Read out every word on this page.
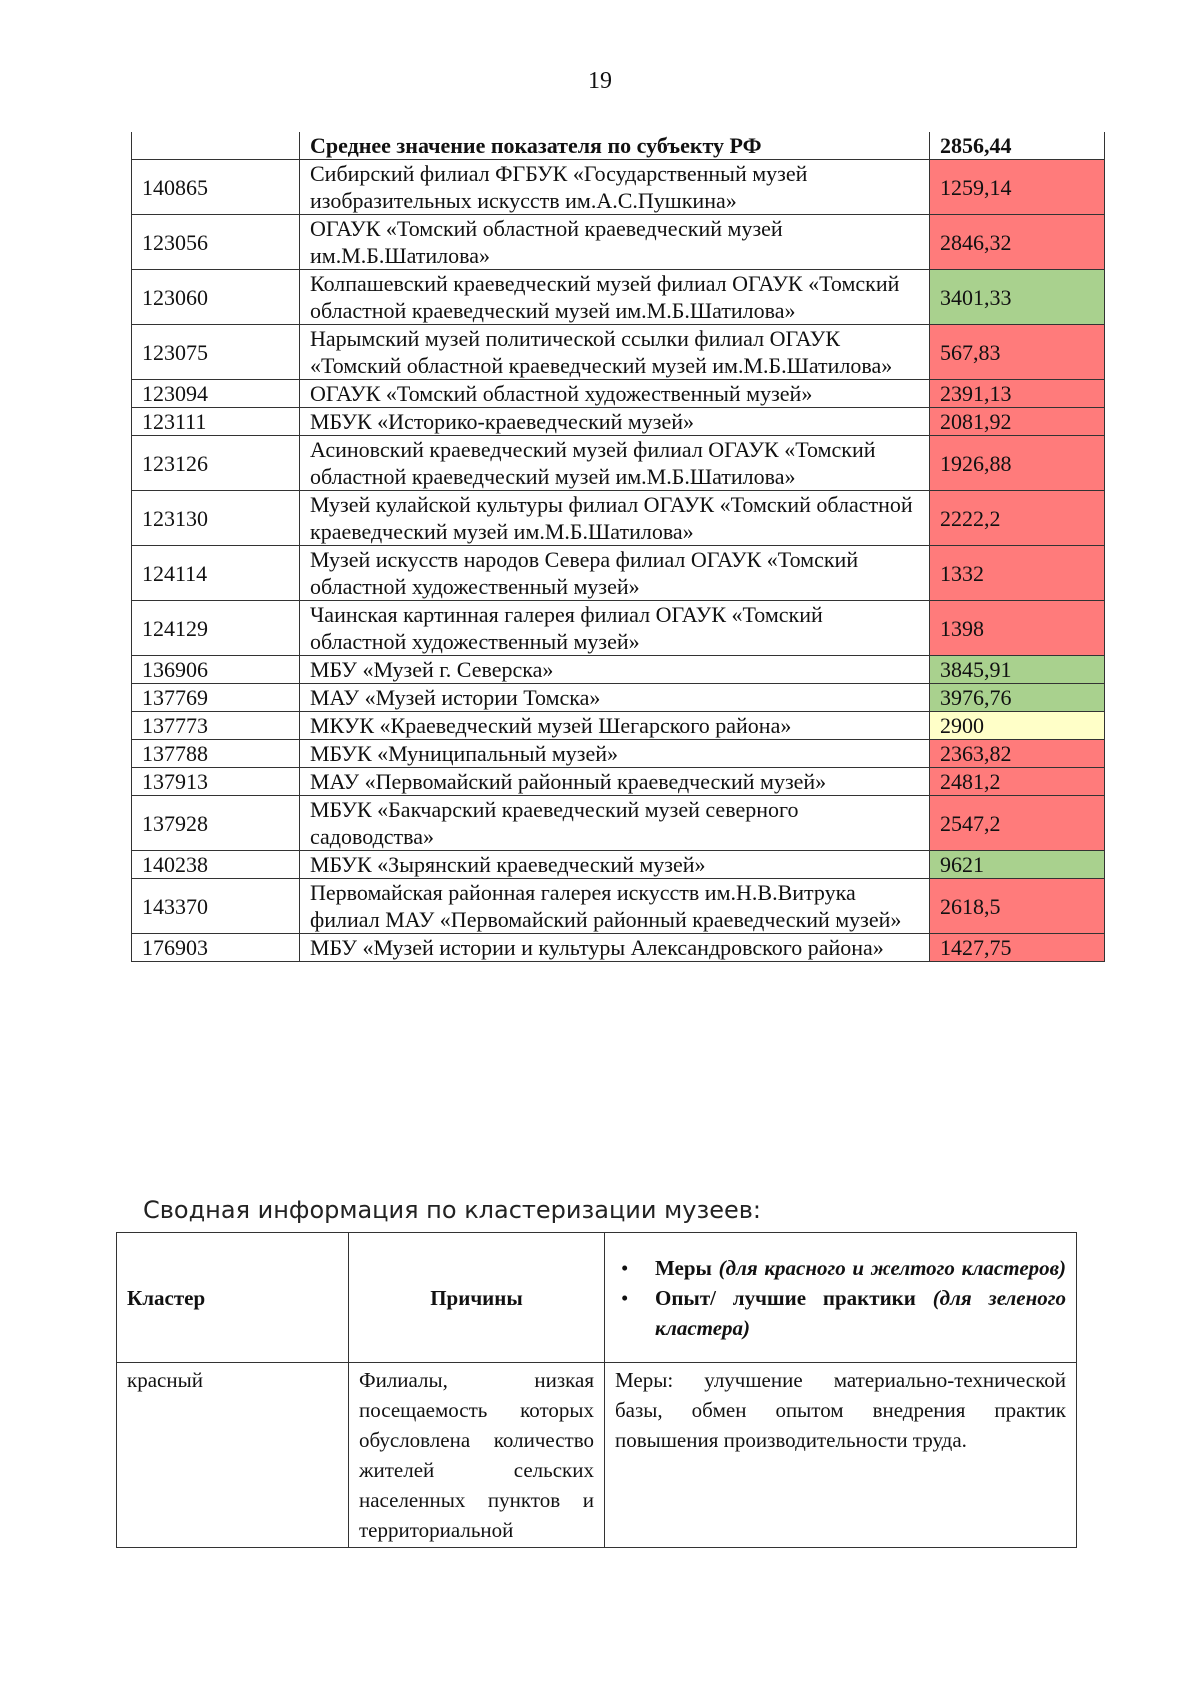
19
	Среднее значение показателя по субъекту РФ	2856,44
140865	Сибирский филиал ФГБУК «Государственный музей изобразительных искусств им.А.С.Пушкина»	1259,14
123056	ОГАУК «Томский областной краеведческий музей им.М.Б.Шатилова»	2846,32
123060	Колпашевский краеведческий музей филиал ОГАУК «Томский областной краеведческий музей им.М.Б.Шатилова»	3401,33
123075	Нарымский музей политической ссылки филиал ОГАУК «Томский областной краеведческий музей им.М.Б.Шатилова»	567,83
123094	ОГАУК «Томский областной художественный музей»	2391,13
123111	МБУК «Историко-краеведческий музей»	2081,92
123126	Асиновский краеведческий музей филиал ОГАУК «Томский областной краеведческий музей им.М.Б.Шатилова»	1926,88
123130	Музей кулайской культуры филиал ОГАУК «Томский областной краеведческий музей им.М.Б.Шатилова»	2222,2
124114	Музей искусств народов Севера филиал ОГАУК «Томский областной художественный музей»	1332
124129	Чаинская картинная галерея филиал ОГАУК «Томский областной художественный музей»	1398
136906	МБУ «Музей г. Северска»	3845,91
137769	МАУ «Музей истории Томска»	3976,76
137773	МКУК «Краеведческий музей Шегарского района»	2900
137788	МБУК «Муниципальный музей»	2363,82
137913	МАУ «Первомайский районный краеведческий музей»	2481,2
137928	МБУК «Бакчарский краеведческий музей северного садоводства»	2547,2
140238	МБУК «Зырянский краеведческий музей»	9621
143370	Первомайская районная галерея искусств им.Н.В.Витрука филиал МАУ «Первомайский районный краеведческий музей»	2618,5
176903	МБУ «Музей истории и культуры Александровского района»	1427,75
Сводная информация по кластеризации музеев:
Кластер	Причины	• Меры (для красного и желтого кластеров)
• Опыт/ лучшие практики (для зеленого кластера)

красный	Филиалы, низкая посещаемость которых обусловлена количество жителей сельских населенных пунктов и территориальной	Меры: улучшение материально-технической базы, обмен опытом внедрения практик повышения производительности труда.
